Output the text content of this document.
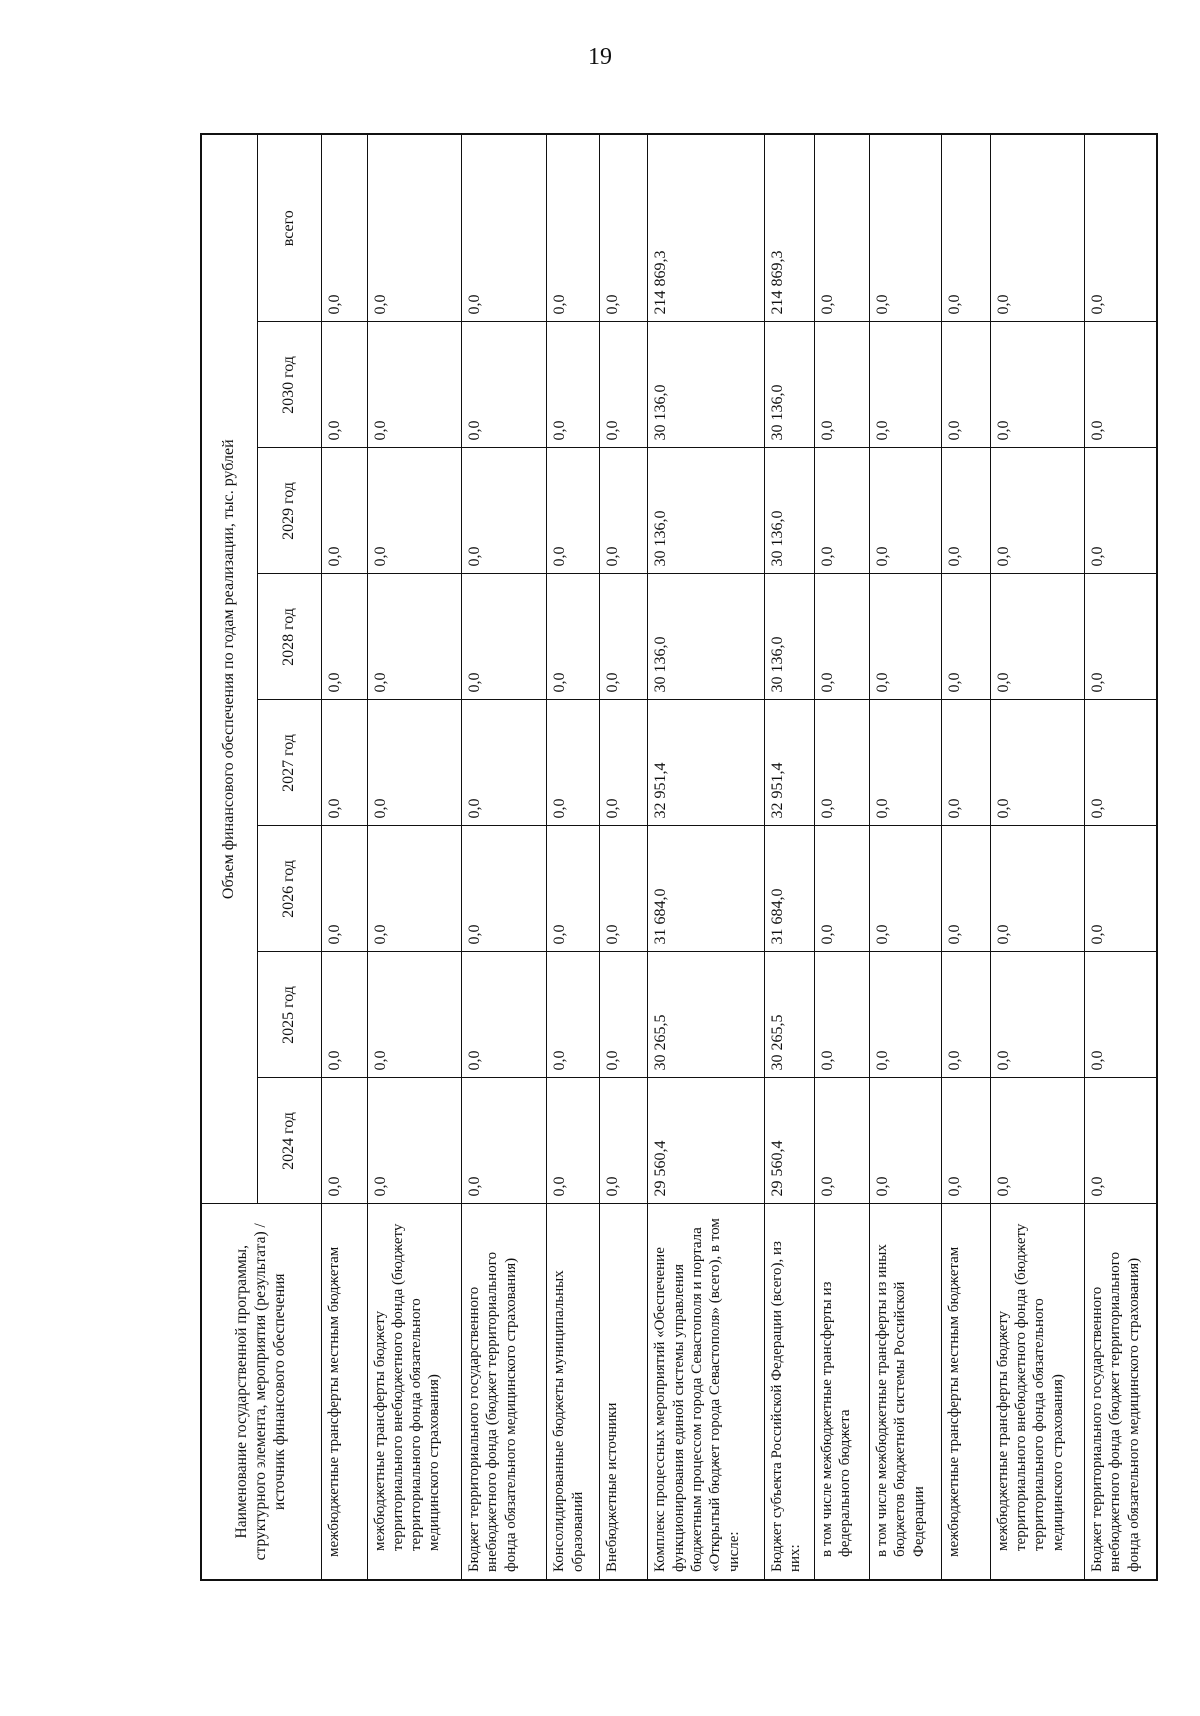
19
Наименование государственной программы, структурного элемента, мероприятия (результата) / источник финансового обеспечения	Объем финансового обеспечения по годам реализации, тыс. рублей							
	2024 год	2025 год	2026 год	2027 год	2028 год	2029 год	2030 год	всего
межбюджетные трансферты местным бюджетам	0,0	0,0	0,0	0,0	0,0	0,0	0,0	0,0
межбюджетные трансферты бюджету территориального внебюджетного фонда (бюджету территориального фонда обязательного медицинского страхования)	0,0	0,0	0,0	0,0	0,0	0,0	0,0	0,0
Бюджет территориального государственного внебюджетного фонда (бюджет территориального фонда обязательного медицинского страхования)	0,0	0,0	0,0	0,0	0,0	0,0	0,0	0,0
Консолидированные бюджеты муниципальных образований	0,0	0,0	0,0	0,0	0,0	0,0	0,0	0,0
Внебюджетные источники	0,0	0,0	0,0	0,0	0,0	0,0	0,0	0,0
Комплекс процессных мероприятий «Обеспечение функционирования единой системы управления бюджетным процессом города Севастополя и портала «Открытый бюджет города Севастополя» (всего), в том числе:	29 560,4	30 265,5	31 684,0	32 951,4	30 136,0	30 136,0	30 136,0	214 869,3
Бюджет субъекта Российской Федерации (всего), из них:	29 560,4	30 265,5	31 684,0	32 951,4	30 136,0	30 136,0	30 136,0	214 869,3
в том числе межбюджетные трансферты из федерального бюджета	0,0	0,0	0,0	0,0	0,0	0,0	0,0	0,0
в том числе межбюджетные трансферты из иных бюджетов бюджетной системы Российской Федерации	0,0	0,0	0,0	0,0	0,0	0,0	0,0	0,0
межбюджетные трансферты местным бюджетам	0,0	0,0	0,0	0,0	0,0	0,0	0,0	0,0
межбюджетные трансферты бюджету территориального внебюджетного фонда (бюджету территориального фонда обязательного медицинского страхования)	0,0	0,0	0,0	0,0	0,0	0,0	0,0	0,0
Бюджет территориального государственного внебюджетного фонда (бюджет территориального фонда обязательного медицинского страхования)	0,0	0,0	0,0	0,0	0,0	0,0	0,0	0,0
